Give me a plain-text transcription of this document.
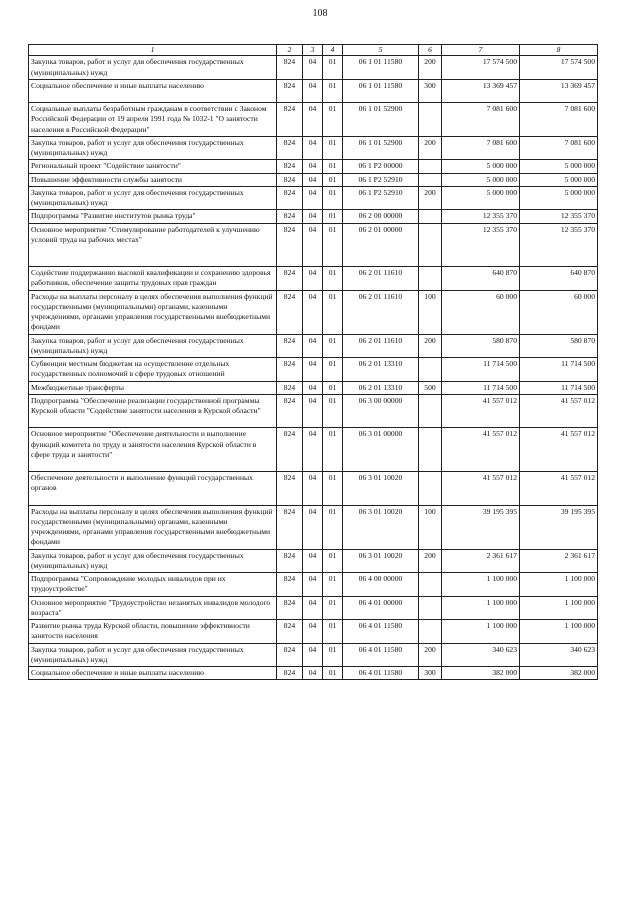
108
1	2	3	4	5	6	7	8
Закупка товаров, работ и услуг для обеспечения государственных (муниципальных) нужд	824	04	01	06 1 01 11580	200	17 574 500	17 574 500
Социальное обеспечение и иные выплаты населению	824	04	01	06 1 01 11580	300	13 369 457	13 369 457
Социальные выплаты безработным гражданам в соответствии с Законом Российской Федерации от 19 апреля 1991 года № 1032-1 "О занятости населения в Российской Федерации"	824	04	01	06 1 01 52900		7 081 600	7 081 600
Закупка товаров, работ и услуг для обеспечения государственных (муниципальных) нужд	824	04	01	06 1 01 52900	200	7 081 600	7 081 600
Региональный проект "Содействие занятости"	824	04	01	06 1 P2 00000		5 000 000	5 000 000
Повышение эффективности службы занятости	824	04	01	06 1 P2 52910		5 000 000	5 000 000
Закупка товаров, работ и услуг для обеспечения государственных (муниципальных) нужд	824	04	01	06 1 P2 52910	200	5 000 000	5 000 000
Подпрограмма "Развитие институтов рынка труда"	824	04	01	06 2 00 00000		12 355 370	12 355 370
Основное мероприятие "Стимулирование работодателей к улучшению условий труда на рабочих местах"	824	04	01	06 2 01 00000		12 355 370	12 355 370
Содействие поддержанию высокой квалификации и сохранению здоровья работников, обеспечение защиты трудовых прав граждан	824	04	01	06 2 01 11610		640 870	640 870
Расходы на выплаты персоналу в целях обеспечения выполнения функций государственными (муниципальными) органами, казенными учреждениями, органами управления государственными внебюджетными фондами	824	04	01	06 2 01 11610	100	60 000	60 000
Закупка товаров, работ и услуг для обеспечения государственных (муниципальных) нужд	824	04	01	06 2 01 11610	200	580 870	580 870
Субвенции местным бюджетам на осуществление отдельных государственных полномочий в сфере трудовых отношений	824	04	01	06 2 01 13310		11 714 500	11 714 500
Межбюджетные трансферты	824	04	01	06 2 01 13310	500	11 714 500	11 714 500
Подпрограмма "Обеспечение реализации государственной программы Курской области "Содействие занятости населения в Курской области"	824	04	01	06 3 00 00000		41 557 012	41 557 012
Основное мероприятие "Обеспечение деятельности и выполнение функций комитета по труду и занятости населения Курской области в сфере труда и занятости"	824	04	01	06 3 01 00000		41 557 012	41 557 012
Обеспечение деятельности и выполнение функций государственных органов	824	04	01	06 3 01 10020		41 557 012	41 557 012
Расходы на выплаты персоналу в целях обеспечения выполнения функций государственными (муниципальными) органами, казенными учреждениями, органами управления государственными внебюджетными фондами	824	04	01	06 3 01 10020	100	39 195 395	39 195 395
Закупка товаров, работ и услуг для обеспечения государственных (муниципальных) нужд	824	04	01	06 3 01 10020	200	2 361 617	2 361 617
Подпрограмма "Сопровождение молодых инвалидов при их трудоустройстве"	824	04	01	06 4 00 00000		1 100 000	1 100 000
Основное мероприятие "Трудоустройство незанятых инвалидов молодого возраста"	824	04	01	06 4 01 00000		1 100 000	1 100 000
Развитие рынка труда Курской области, повышение эффективности занятости населения	824	04	01	06 4 01 11580		1 100 000	1 100 000
Закупка товаров, работ и услуг для обеспечения государственных (муниципальных) нужд	824	04	01	06 4 01 11580	200	340 623	340 623
Социальное обеспечение и иные выплаты населению	824	04	01	06 4 01 11580	300	382 000	382 000
